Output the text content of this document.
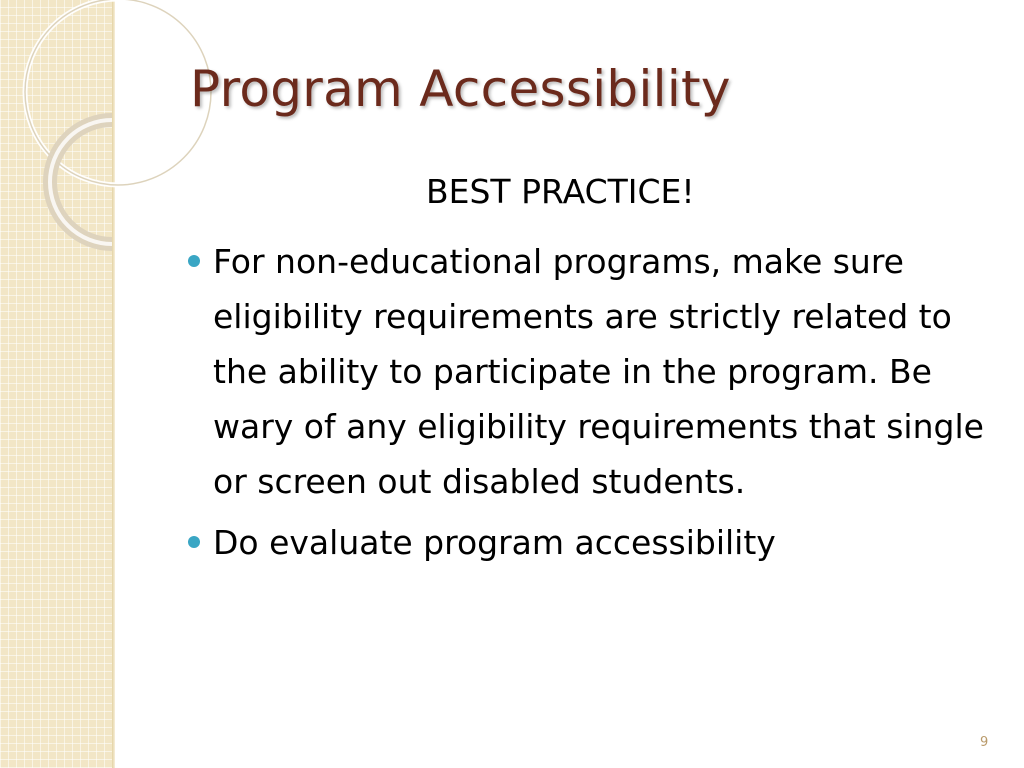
Program Accessibility
BEST PRACTICE!
For non-educational programs, make sure eligibility requirements are strictly related to the ability to participate in the program. Be wary of any eligibility requirements that single or screen out disabled students.
Do evaluate program accessibility
9
